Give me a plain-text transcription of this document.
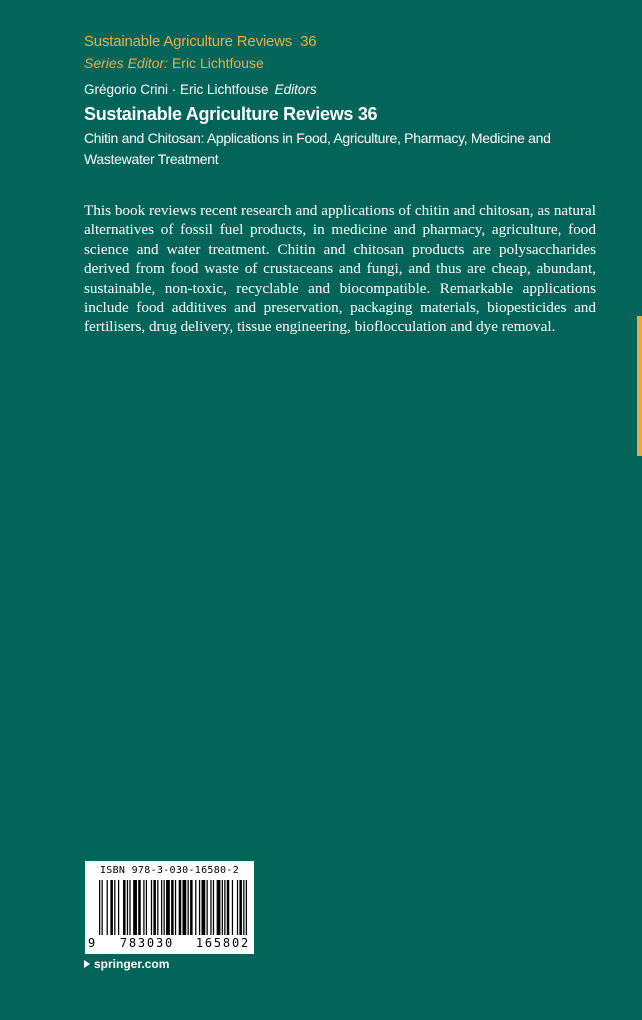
Sustainable Agriculture Reviews 36
Series Editor: Eric Lichtfouse
Grégorio Crini · Eric Lichtfouse Editors
Sustainable Agriculture Reviews 36
Chitin and Chitosan: Applications in Food, Agriculture, Pharmacy, Medicine and Wastewater Treatment
This book reviews recent research and applications of chitin and chitosan, as natural alternatives of fossil fuel products, in medicine and pharmacy, agriculture, food science and water treatment. Chitin and chitosan products are polysaccharides derived from food waste of crustaceans and fungi, and thus are cheap, abundant, sustainable, non-toxic, recyclable and biocompatible. Remarkable applications include food additives and preservation, packaging materials, biopesticides and fertilisers, drug delivery, tissue engineering, bioflocculation and dye removal.
ISBN 978-3-030-16580-2
9 783030 165802
springer.com
